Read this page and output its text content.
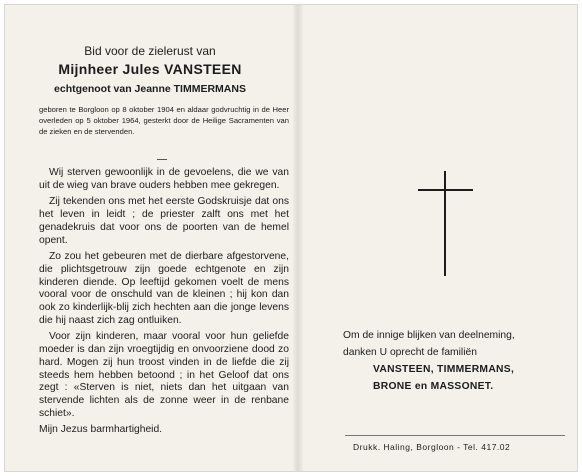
Bid voor de zielerust van
Mijnheer Jules VANSTEEN
echtgenoot van Jeanne TIMMERMANS
geboren te Borgloon op 8 oktober 1904 en aldaar godvruchtig in de Heer overleden op 5 oktober 1964, gesterkt door de Heilige Sacramenten van de zieken en de stervenden.

Wij sterven gewoonlijk in de gevoelens, die we van uit de wieg van brave ouders hebben mee gekregen.

Zij tekenden ons met het eerste Godskruisje dat ons het leven in leidt ; de priester zalft ons met het genadekruis dat voor ons de poorten van de hemel opent.

Zo zou het gebeuren met de dierbare afgestorvene, die plichtsgetrouw zijn goede echtgenote en zijn kinderen diende. Op leeftijd gekomen voelt de mens vooral voor de onschuld van de kleinen ; hij kon dan ook zo kinderlijk-blij zich hechten aan die jonge levens die hij naast zich zag ontluiken.

Voor zijn kinderen, maar vooral voor hun geliefde moeder is dan zijn vroegtijdig en onvoorziene dood zo hard. Mogen zij hun troost vinden in de liefde die zij steeds hem hebben betoond ; in het Geloof dat ons zegt : «Sterven is niet, niets dan het uitgaan van stervende lichten als de zonne weer in de renbane schiet».

Mijn Jezus barmhartigheid.

Om de innige blijken van deelneming,
danken U oprecht de familiën
VANSTEEN, TIMMERMANS,
BRONE en MASSONET.
Drukk. Haling, Borgloon - Tel. 417.02
